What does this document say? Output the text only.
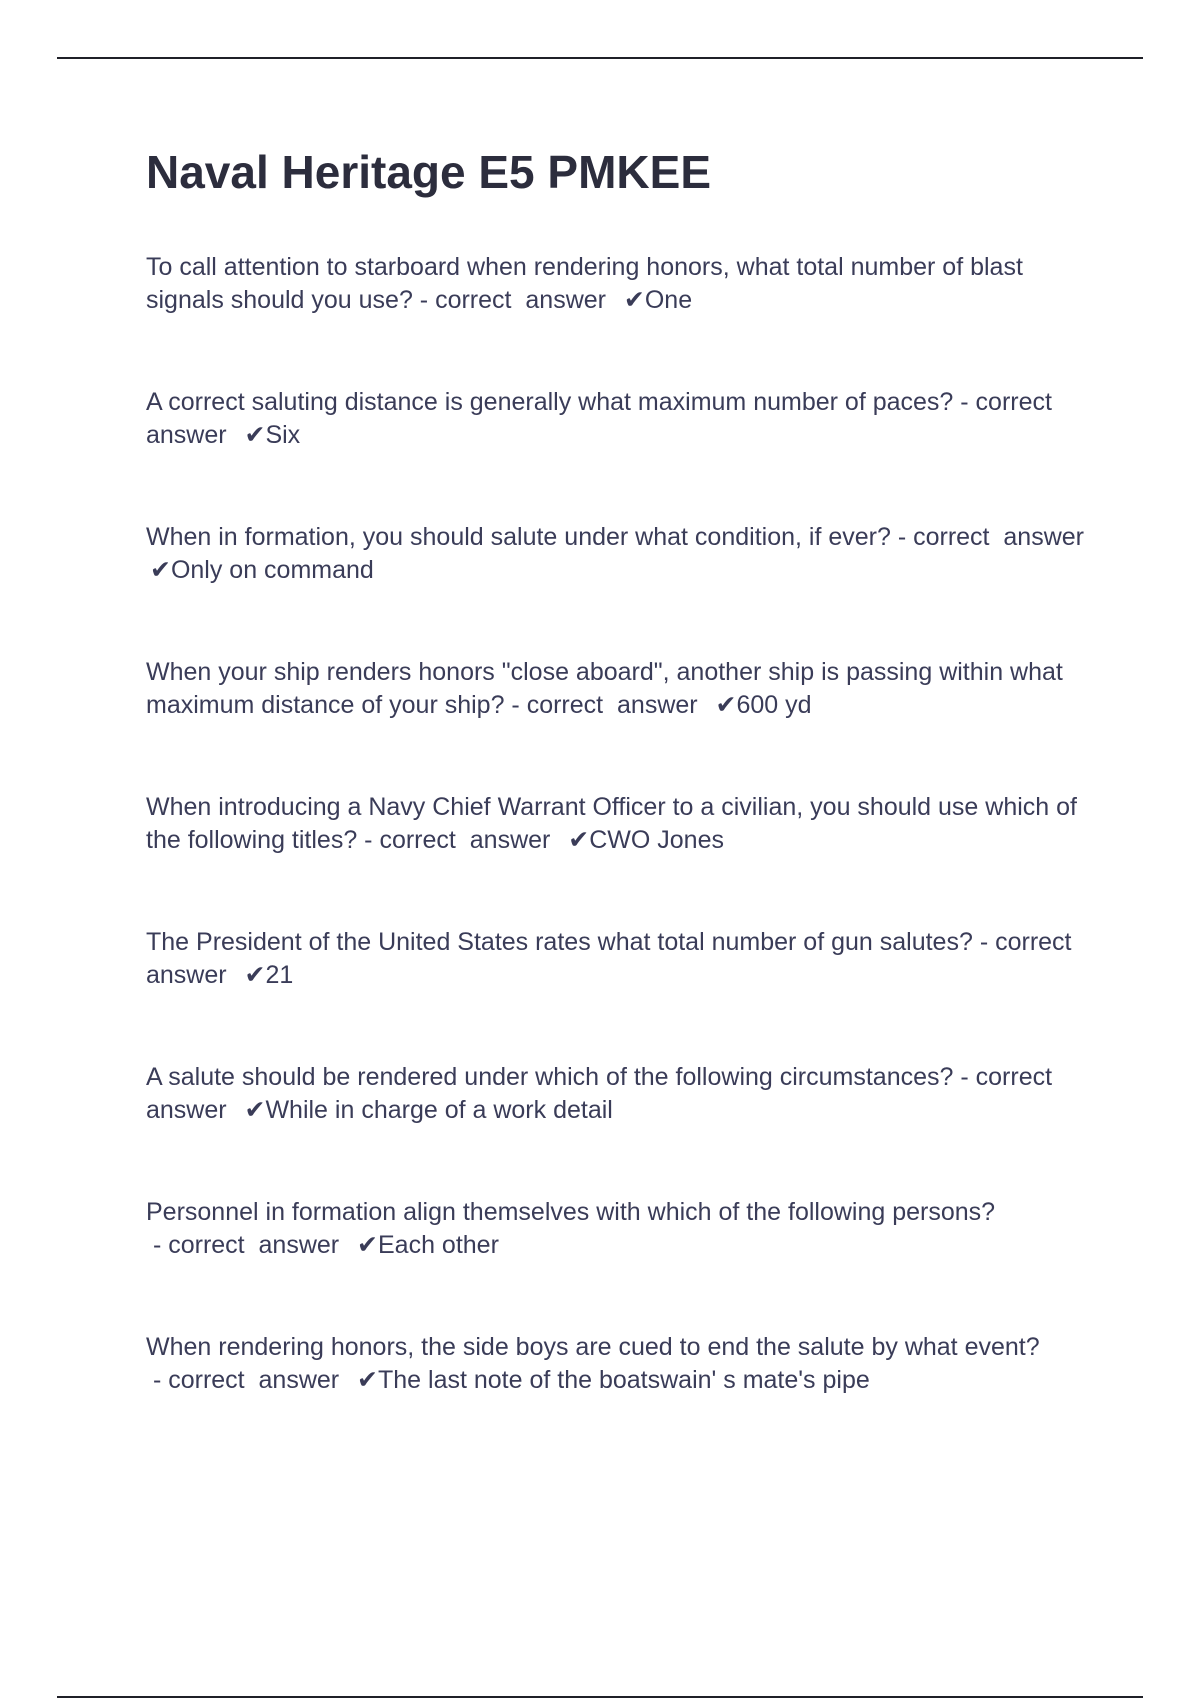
Naval Heritage E5 PMKEE
To call attention to starboard when rendering honors, what total number of blast signals should you use? - correct answer ✔One
A correct saluting distance is generally what maximum number of paces? - correct  answer ✔Six
When in formation, you should salute under what condition, if ever? - correct answer  ✔Only on command
When your ship renders honors "close aboard", another ship is passing within what maximum distance of your ship? - correct answer ✔600 yd
When introducing a Navy Chief Warrant Officer to a civilian, you should use which of the following titles? - correct answer ✔CWO Jones
The President of the United States rates what total number of gun salutes? - correct  answer ✔21
A salute should be rendered under which of the following circumstances? - correct  answer ✔While in charge of a work detail
Personnel in formation align themselves with which of the following persons? - correct answer ✔Each other
When rendering honors, the side boys are cued to end the salute by what event? - correct answer ✔The last note of the boatswain' s mate's pipe
